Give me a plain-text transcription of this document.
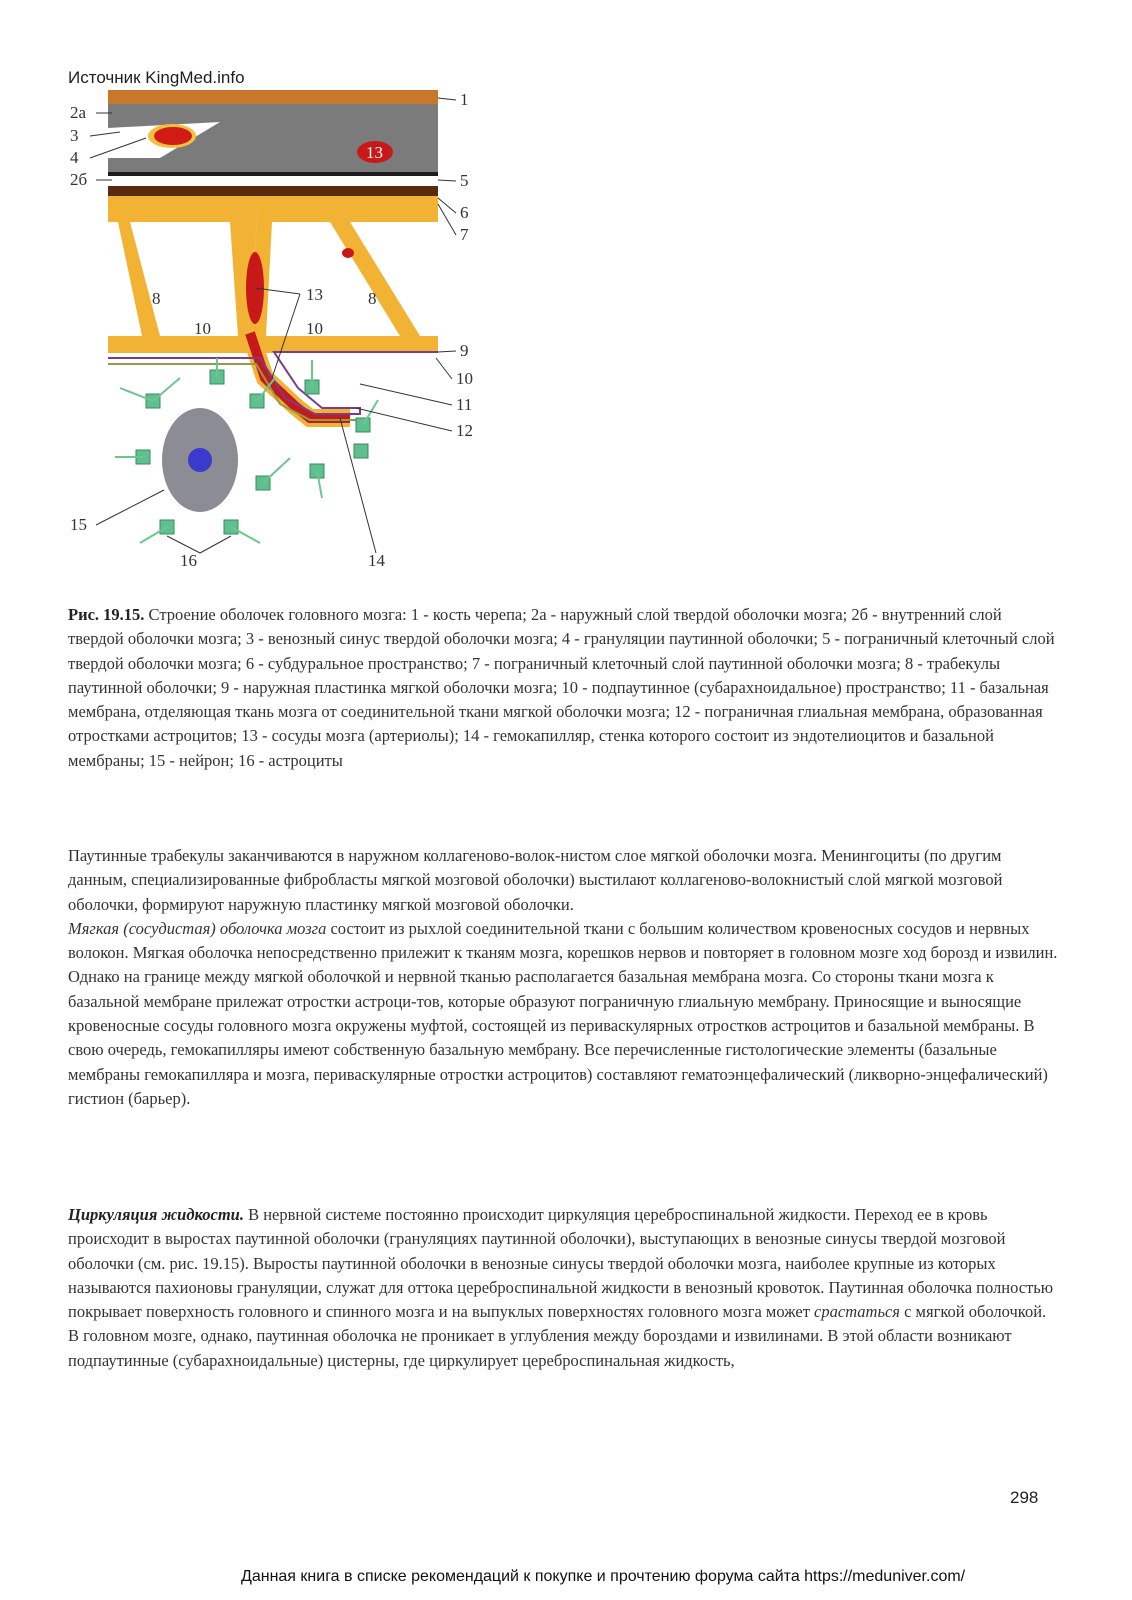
Источник KingMed.info
13
2а
3
4
2б
1
5
6
7
8	8
10	10
13
9
10
11
12
15
16	14
Рис. 19.15. Строение оболочек головного мозга: 1 - кость черепа; 2а - наружный слой твердой оболочки мозга; 2б - внутренний слой твердой оболочки мозга; 3 - венозный синус твердой оболочки мозга; 4 - грануляции паутинной оболочки; 5 - пограничный клеточный слой твердой оболочки мозга; 6 - субдуральное пространство; 7 - пограничный клеточный слой паутинной оболочки мозга; 8 - трабекулы паутинной оболочки; 9 - наружная пластинка мягкой оболочки мозга; 10 - подпаутинное (субарахноидальное) пространство; 11 - базальная мембрана, отделяющая ткань мозга от соединительной ткани мягкой оболочки мозга; 12 - пограничная глиальная мембрана, образованная отростками астроцитов; 13 - сосуды мозга (артериолы); 14 - гемокапилляр, стенка которого состоит из эндотелиоцитов и базальной мембраны; 15 - нейрон; 16 - астроциты
Паутинные трабекулы заканчиваются в наружном коллагеново-волок-нистом слое мягкой оболочки мозга. Менингоциты (по другим данным, специализированные фибробласты мягкой мозговой оболочки) выстилают коллагеново-волокнистый слой мягкой мозговой оболочки, формируют наружную пластинку мягкой мозговой оболочки.
Мягкая (сосудистая) оболочка мозга состоит из рыхлой соединительной ткани с большим количеством кровеносных сосудов и нервных волокон. Мягкая оболочка непосредственно прилежит к тканям мозга, корешков нервов и повторяет в головном мозге ход борозд и извилин. Однако на границе между мягкой оболочкой и нервной тканью располагается базальная мембрана мозга. Со стороны ткани мозга к базальной мембране прилежат отростки астроци-тов, которые образуют пограничную глиальную мембрану. Приносящие и выносящие кровеносные сосуды головного мозга окружены муфтой, состоящей из периваскулярных отростков астроцитов и базальной мембраны. В свою очередь, гемокапилляры имеют собственную базальную мембрану. Все перечисленные гистологические элементы (базальные мембраны гемокапилляра и мозга, периваскулярные отростки астроцитов) составляют гематоэнцефалический (ликворно-энцефалический) гистион (барьер).
Циркуляция жидкости. В нервной системе постоянно происходит циркуляция цереброспинальной жидкости. Переход ее в кровь происходит в выростах паутинной оболочки (грануляциях паутинной оболочки), выступающих в венозные синусы твердой мозговой оболочки (см. рис. 19.15). Выросты паутинной оболочки в венозные синусы твердой оболочки мозга, наиболее крупные из которых называются пахионовы грануляции, служат для оттока цереброспинальной жидкости в венозный кровоток. Паутинная оболочка полностью покрывает поверхность головного и спинного мозга и на выпуклых поверхностях головного мозга может срастаться с мягкой оболочкой. В головном мозге, однако, паутинная оболочка не проникает в углубления между бороздами и извилинами. В этой области возникают подпаутинные (субарахноидальные) цистерны, где циркулирует цереброспинальная жидкость,
298
Данная книга в списке рекомендаций к покупке и прочтению форума сайта https://meduniver.com/
